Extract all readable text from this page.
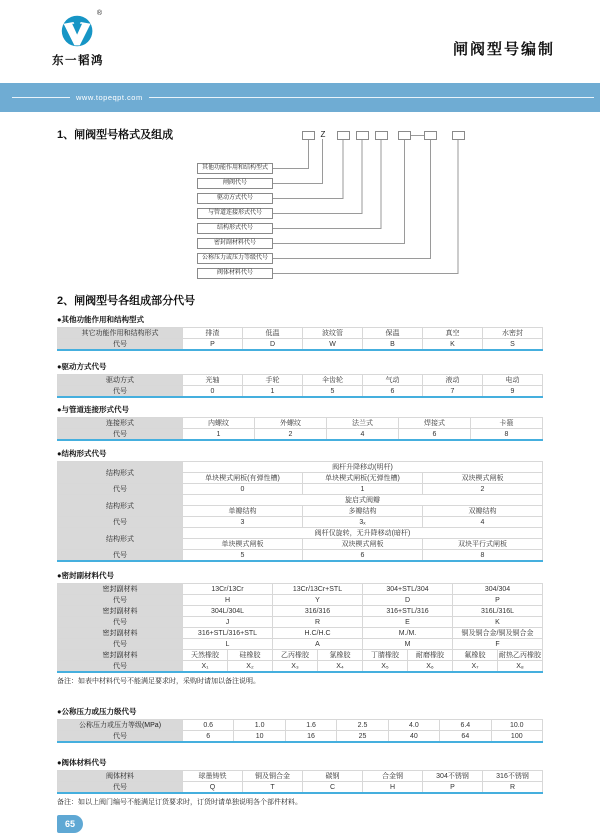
®
东一韬鸿
闸阀型号编制
www.topeqpt.com
1、闸阀型号格式及组成	Z
其他功能作用和结构型式
闸阀代号
驱动方式代号
与管道连接形式代号
结构形式代号
密封副材料代号
公称压力或压力等级代号
阀体材料代号
2、闸阀型号各组成部分代号
●其他功能作用和结构型式
其它功能作用和结构形式	排渣	低温	波纹管	保温	真空	水密封
代号	P	D	W	B	K	S
●驱动方式代号
驱动方式	光轴	手轮	伞齿轮	气动	液动	电动
代号	0	1	5	6	7	9
●与管道连接形式代号
连接形式	内螺纹	外螺纹	法兰式	焊接式	卡箍
代号	1	2	4	6	8
●结构形式代号
结构形式	阀杆升降移动(明杆)		
	单块楔式闸板(有弹性槽)	单块楔式闸板(无弹性槽)	双块楔式闸板
代号	0	1	2
结构形式	旋启式阀瓣		
	单瓣结构	多瓣结构	双瓣结构
代号	3	3ₓ	4
结构形式	阀杆仅旋转，无升降移动(暗杆)		
	单块楔式闸板	双块楔式闸板	双块平行式闸板
代号	5	6	8
●密封副材料代号
密封副材料	13Cr/13Cr		13Cr/13Cr+STL		304+STL/304		304/304	
代号	H		Y		D		P	
密封副材料	304L/304L		316/316		316+STL/316		316L/316L	
代号	J		R		E		K	
密封副材料	316+STL/316+STL		H.C/H.C		M./M.		铜及铜合金/铜及铜合金	
代号	L		A		M		F	
密封副材料	天然橡胶	硅橡胶	乙丙橡胶	氯橡胶	丁腈橡胶	耐磨橡胶	氟橡胶	耐热乙丙橡胶
代号	X₁	X₂	X₃	X₄	X₅	X₆	X₇	X₈
备注：如表中材料代号不能满足要求时，采购时请加以备注说明。
●公称压力或压力级代号
公称压力或压力等级(MPa)	0.6	1.0	1.6	2.5	4.0	6.4	10.0
代号	6	10	16	25	40	64	100
●阀体材料代号
阀体材料	球墨铸铁	铜及铜合金	碳钢	合金钢	304不锈钢	316不锈钢
代号	Q	T	C	H	P	R
备注：如以上阀门编号不能满足订货要求时，订货时请单独说明各个部件材料。
65
